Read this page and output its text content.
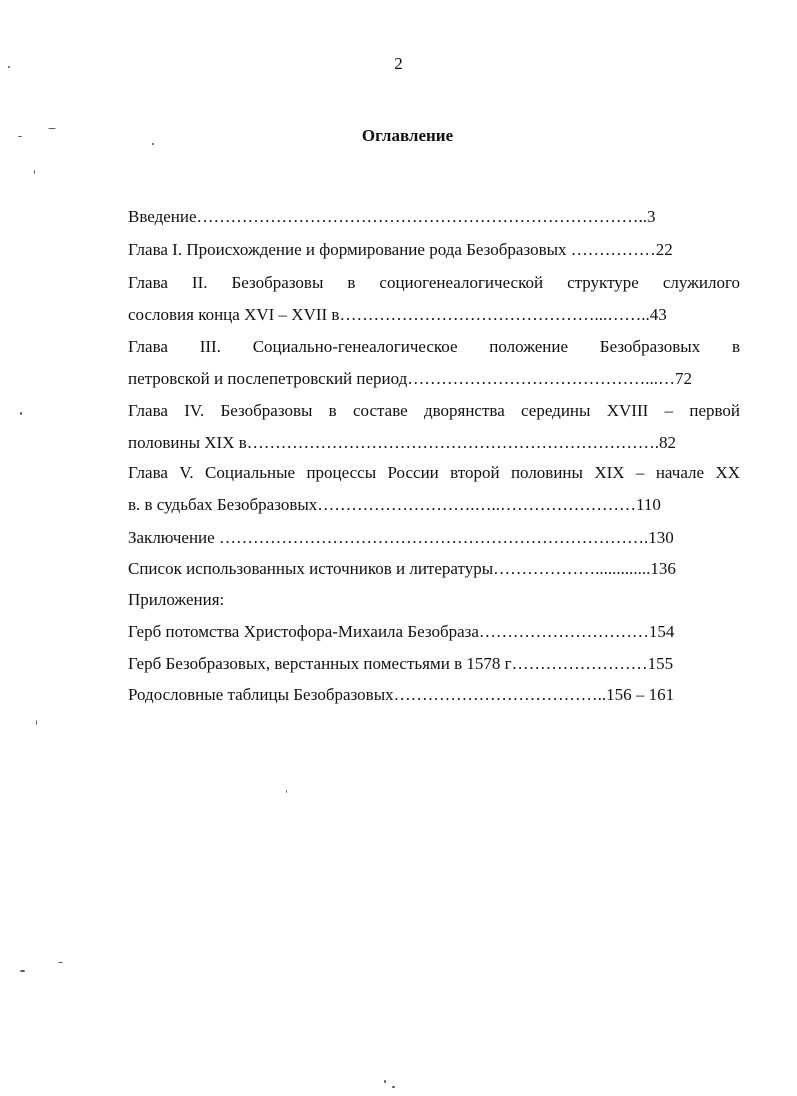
2
Оглавление
Введение……………………………………………………………………..3
Глава I. Происхождение и формирование рода Безобразовых ……………22
Глава II. Безобразовы в социогенеалогической структуре служилого
сословия конца XVI – XVII в………………………………………...……..43
Глава III. Социально-генеалогическое положение Безобразовых в
петровской и послепетровский период……………………………………...…72
Глава IV. Безобразовы в составе дворянства середины XVIII – первой
половины XIX в……………………………………………………………….82
Глава V. Социальные процессы России второй половины XIX – начале XX
в. в судьбах Безобразовых……………………….…..……………………110
Заключение ………………………………………………………………….130
Список использованных источников и литературы……………….............136
Приложения:
Герб потомства Христофора-Михаила Безобраза…………………………154
Герб Безобразовых, верстанных поместьями в 1578 г……………………155
Родословные таблицы Безобразовых………………………………..156 – 161
